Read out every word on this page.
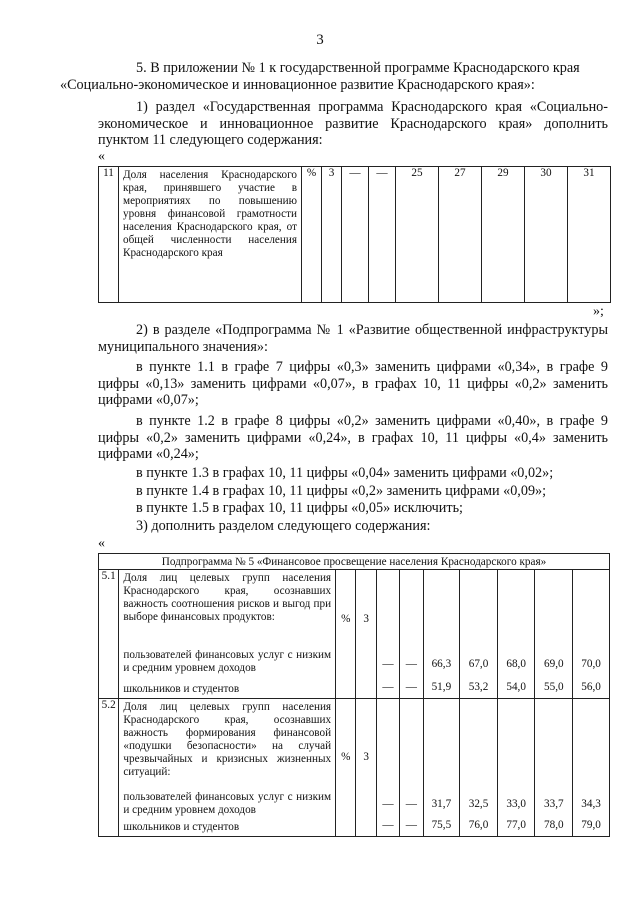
3

5. В приложении № 1 к государственной программе Краснодарского края
«Социально-экономическое и инновационное развитие Краснодарского края»:

1) раздел «Государственная программа Краснодарского края «Социально-экономическое и инновационное развитие Краснодарского края» дополнить пунктом 11 следующего содержания:

«
11	Доля населения Краснодарского края, принявшего участие в мероприятиях по повышению уровня финансовой грамотности населения Краснодарского края, от общей численности населения Краснодарского края	%	3	—	—	25	27	29	30	31
»;

2) в разделе «Подпрограмма № 1 «Развитие общественной инфраструктуры муниципального значения»:

в пункте 1.1 в графе 7 цифры «0,3» заменить цифрами «0,34», в графе 9 цифры «0,13» заменить цифрами «0,07», в графах 10, 11 цифры «0,2» заменить цифрами «0,07»;

в пункте 1.2 в графе 8 цифры «0,2» заменить цифрами «0,40», в графе 9 цифры «0,2» заменить цифрами «0,24», в графах 10, 11 цифры «0,4» заменить цифрами «0,24»;

в пункте 1.3 в графах 10, 11 цифры «0,04» заменить цифрами «0,02»;
в пункте 1.4 в графах 10, 11 цифры «0,2» заменить цифрами «0,09»;
в пункте 1.5 в графах 10, 11 цифры «0,05» исключить;
3) дополнить разделом следующего содержания:
«
Подпрограмма № 5 «Финансовое просвещение населения Краснодарского края»										
5.1	Доля лиц целевых групп населения Краснодарского края, осознавших важность соотношения рисков и выгод при выборе финансовых продуктов:	%	3							
	пользователей финансовых услуг с низким и средним уровнем доходов			—	—	66,3	67,0	68,0	69,0	70,0
	школьников и студентов			—	—	51,9	53,2	54,0	55,0	56,0
5.2	Доля лиц целевых групп населения Краснодарского края, осознавших важность формирования финансовой «подушки безопасности» на случай чрезвычайных и кризисных жизненных ситуаций:	%	3							
	пользователей финансовых услуг с низким и средним уровнем доходов			—	—	31,7	32,5	33,0	33,7	34,3
	школьников и студентов			—	—	75,5	76,0	77,0	78,0	79,0
